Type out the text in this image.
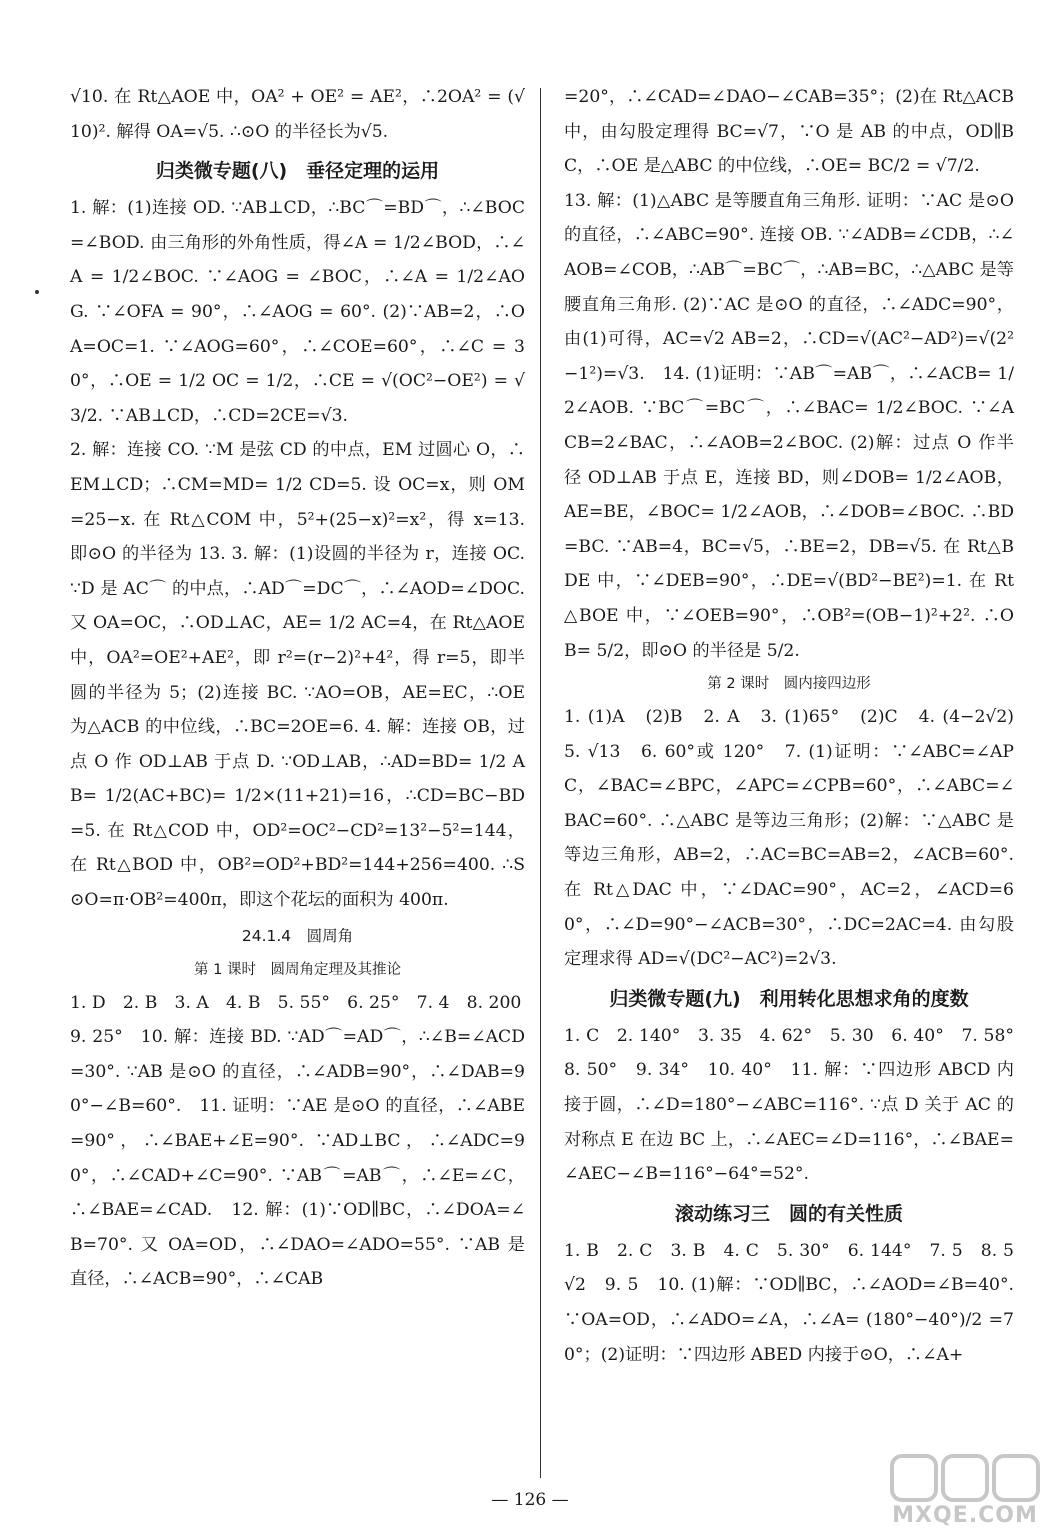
√10. 在 Rt△AOE 中，OA² + OE² = AE²，∴2OA² = (√10)². 解得 OA=√5. ∴⊙O 的半径长为√5.

归类微专题(八)　垂径定理的运用

1. 解：(1)连接 OD. ∵AB⊥CD，∴BC⌒=BD⌒，∴∠BOC=∠BOD. 由三角形的外角性质，得∠A = 1/2∠BOD，∴∠A = 1/2∠BOC. ∵∠AOG = ∠BOC，∴∠A = 1/2∠AOG. ∵∠OFA = 90°，∴∠AOG = 60°. (2)∵AB=2，∴OA=OC=1. ∵∠AOG=60°，∴∠COE=60°，∴∠C = 30°，∴OE = 1/2 OC = 1/2，∴CE = √(OC²−OE²) = √3/2. ∵AB⊥CD，∴CD=2CE=√3.

2. 解：连接 CO. ∵M 是弦 CD 的中点，EM 过圆心 O，∴EM⊥CD；∴CM=MD= 1/2 CD=5. 设 OC=x，则 OM=25−x. 在 Rt△COM 中，5²+(25−x)²=x²，得 x=13. 即⊙O 的半径为 13. 3. 解：(1)设圆的半径为 r，连接 OC. ∵D 是 AC⌒ 的中点，∴AD⌒=DC⌒，∴∠AOD=∠DOC. 又 OA=OC，∴OD⊥AC，AE= 1/2 AC=4，在 Rt△AOE 中，OA²=OE²+AE²，即 r²=(r−2)²+4²，得 r=5，即半圆的半径为 5；(2)连接 BC. ∵AO=OB，AE=EC，∴OE 为△ACB 的中位线，∴BC=2OE=6. 4. 解：连接 OB，过点 O 作 OD⊥AB 于点 D. ∵OD⊥AB，∴AD=BD= 1/2 AB= 1/2(AC+BC)= 1/2×(11+21)=16，∴CD=BC−BD=5. 在 Rt△COD 中，OD²=OC²−CD²=13²−5²=144，在 Rt△BOD 中，OB²=OD²+BD²=144+256=400. ∴S⊙O=π·OB²=400π，即这个花坛的面积为 400π.

24.1.4　圆周角
第 1 课时　圆周角定理及其推论

1. D　2. B　3. A　4. B　5. 55°　6. 25°　7. 4　8. 200

9. 25°　10. 解：连接 BD. ∵AD⌒=AD⌒，∴∠B=∠ACD=30°. ∵AB 是⊙O 的直径，∴∠ADB=90°，∴∠DAB=90°−∠B=60°.　11. 证明：∵AE 是⊙O 的直径，∴∠ABE=90°，∴∠BAE+∠E=90°. ∵AD⊥BC，∴∠ADC=90°，∴∠CAD+∠C=90°. ∵AB⌒=AB⌒，∴∠E=∠C，∴∠BAE=∠CAD.　12. 解：(1)∵OD∥BC，∴∠DOA=∠B=70°. 又 OA=OD，∴∠DAO=∠ADO=55°. ∵AB 是直径，∴∠ACB=90°，∴∠CAB

=20°，∴∠CAD=∠DAO−∠CAB=35°；(2)在 Rt△ACB 中，由勾股定理得 BC=√7，∵O 是 AB 的中点，OD∥BC，∴OE 是△ABC 的中位线，∴OE= BC/2 = √7/2.

13. 解：(1)△ABC 是等腰直角三角形. 证明：∵AC 是⊙O 的直径，∴∠ABC=90°. 连接 OB. ∵∠ADB=∠CDB，∴∠AOB=∠COB，∴AB⌒=BC⌒，∴AB=BC，∴△ABC 是等腰直角三角形. (2)∵AC 是⊙O 的直径，∴∠ADC=90°，由(1)可得，AC=√2 AB=2，∴CD=√(AC²−AD²)=√(2²−1²)=√3.　14. (1)证明：∵AB⌒=AB⌒，∴∠ACB= 1/2∠AOB. ∵BC⌒=BC⌒，∴∠BAC= 1/2∠BOC. ∵∠ACB=2∠BAC，∴∠AOB=2∠BOC. (2)解：过点 O 作半径 OD⊥AB 于点 E，连接 BD，则∠DOB= 1/2∠AOB，AE=BE，∠BOC= 1/2∠AOB，∴∠DOB=∠BOC. ∴BD=BC. ∵AB=4，BC=√5，∴BE=2，DB=√5. 在 Rt△BDE 中，∵∠DEB=90°，∴DE=√(BD²−BE²)=1. 在 Rt△BOE 中，∵∠OEB=90°，∴OB²=(OB−1)²+2². ∴OB= 5/2，即⊙O 的半径是 5/2.

第 2 课时　圆内接四边形

1. (1)A　(2)B　2. A　3. (1)65°　(2)C　4. (4−2√2)　5. √13　6. 60°或 120°　7. (1)证明：∵∠ABC=∠APC，∠BAC=∠BPC，∠APC=∠CPB=60°，∴∠ABC=∠BAC=60°. ∴△ABC 是等边三角形；(2)解：∵△ABC 是等边三角形，AB=2，∴AC=BC=AB=2，∠ACB=60°. 在 Rt△DAC 中，∵∠DAC=90°，AC=2，∠ACD=60°，∴∠D=90°−∠ACB=30°，∴DC=2AC=4. 由勾股定理求得 AD=√(DC²−AC²)=2√3.

归类微专题(九)　利用转化思想求角的度数

1. C　2. 140°　3. 35　4. 62°　5. 30　6. 40°　7. 58°　8. 50°　9. 34°　10. 40°　11. 解：∵四边形 ABCD 内接于圆，∴∠D=180°−∠ABC=116°. ∵点 D 关于 AC 的对称点 E 在边 BC 上，∴∠AEC=∠D=116°，∴∠BAE=∠AEC−∠B=116°−64°=52°.

滚动练习三　圆的有关性质

1. B　2. C　3. B　4. C　5. 30°　6. 144°　7. 5　8. 5√2　9. 5　10. (1)解：∵OD∥BC，∴∠AOD=∠B=40°. ∵OA=OD，∴∠ADO=∠A，∴∠A= (180°−40°)/2 =70°；(2)证明：∵四边形 ABED 内接于⊙O，∴∠A+

— 126 —
MXQE.COM
